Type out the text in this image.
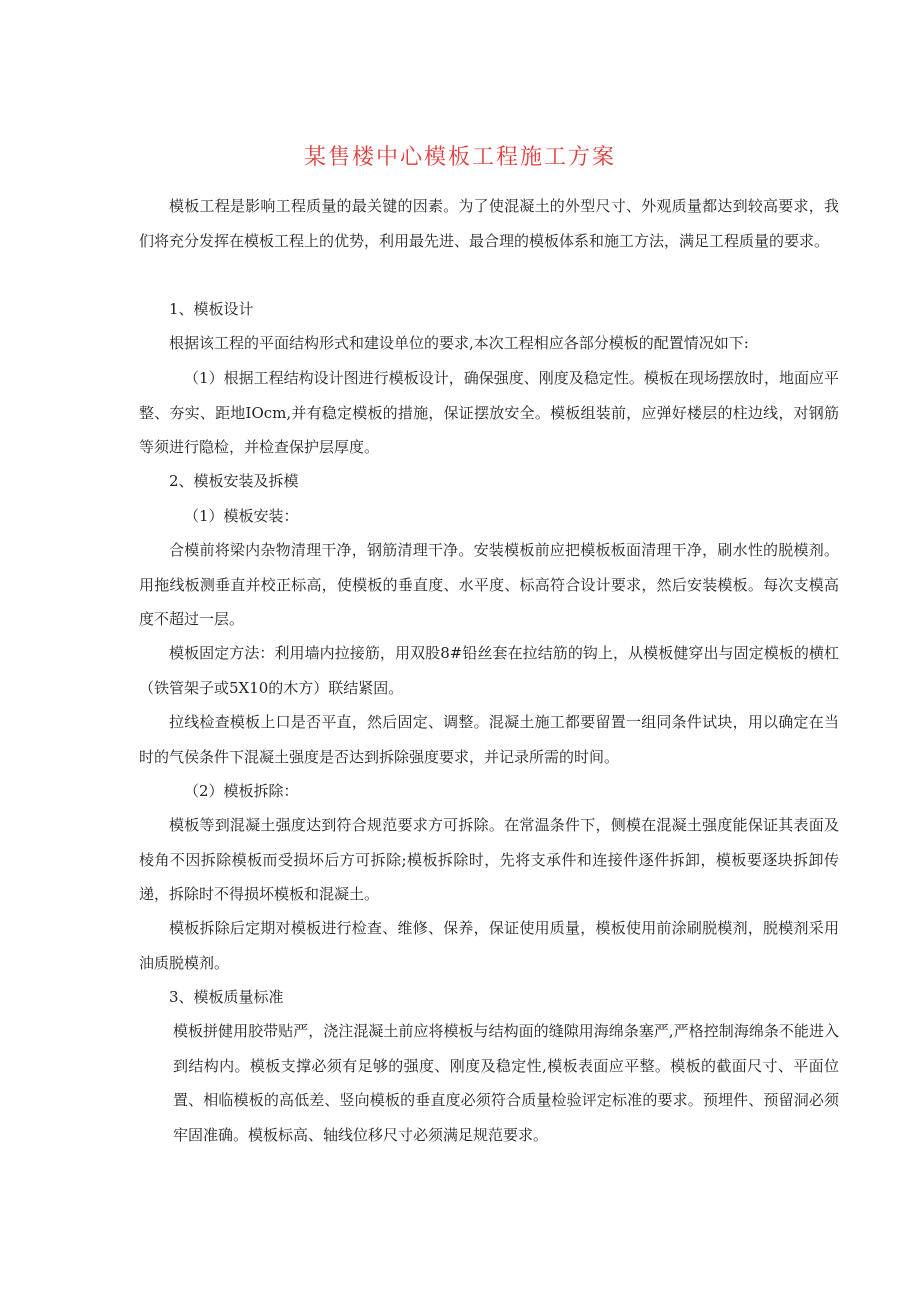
某售楼中心模板工程施工方案

模板工程是影响工程质量的最关键的因素。为了使混凝土的外型尺寸、外观质量都达到较高要求，我们将充分发挥在模板工程上的优势，利用最先进、最合理的模板体系和施工方法，满足工程质量的要求。

1、模板设计

根据该工程的平面结构形式和建设单位的要求,本次工程相应各部分模板的配置情况如下:

（1）根据工程结构设计图进行模板设计，确保强度、刚度及稳定性。模板在现场摆放时，地面应平整、夯实、距地IOcm,并有稳定模板的措施，保证摆放安全。模板组装前，应弹好楼层的柱边线，对钢筋等须进行隐检，并检查保护层厚度。

2、模板安装及拆模

（1）模板安装：

合模前将梁内杂物清理干净，钢筋清理干净。安装模板前应把模板板面清理干净，刷水性的脱模剂。用拖线板测垂直并校正标高，使模板的垂直度、水平度、标高符合设计要求，然后安装模板。每次支模高度不超过一层。

模板固定方法：利用墙内拉接筋，用双股8#铅丝套在拉结筋的钩上，从模板健穿出与固定模板的横杠（铁管架子或5X10的木方）联结紧固。

拉线检查模板上口是否平直，然后固定、调整。混凝土施工都要留置一组同条件试块，用以确定在当时的气侯条件下混凝土强度是否达到拆除强度要求，并记录所需的时间。

（2）模板拆除：

模板等到混凝土强度达到符合规范要求方可拆除。在常温条件下，侧模在混凝土强度能保证其表面及棱角不因拆除模板而受损坏后方可拆除;模板拆除时，先将支承件和连接件逐件拆卸，模板要逐块拆卸传递，拆除时不得损坏模板和混凝土。

模板拆除后定期对模板进行检查、维修、保养，保证使用质量，模板使用前涂刷脱模剂，脱模剂采用油质脱模剂。

3、模板质量标准

模板拼健用胶带贴严，浇注混凝土前应将模板与结构面的缝隙用海绵条塞严,严格控制海绵条不能进入到结构内。模板支撑必须有足够的强度、刚度及稳定性,模板表面应平整。模板的截面尺寸、平面位置、相临模板的高低差、竖向模板的垂直度必须符合质量检验评定标准的要求。预埋件、预留洞必须牢固准确。模板标高、轴线位移尺寸必须满足规范要求。
